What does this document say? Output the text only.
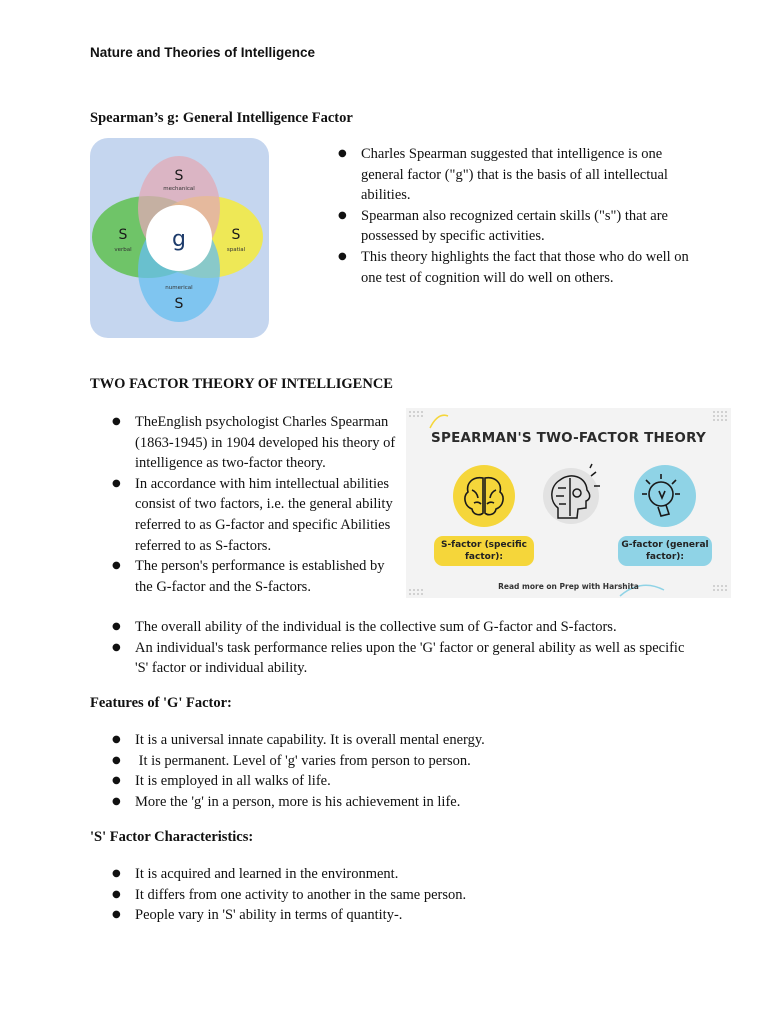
Nature and Theories of Intelligence

Spearman’s g: General Intelligence Factor
g
S
mechanical
S
verbal
S
spatial
numerical
S
● Charles Spearman suggested that intelligence is one general factor ("g") that is the basis of all intellectual abilities.
● Spearman also recognized certain skills ("s") that are possessed by specific activities.
● This theory highlights the fact that those who do well on one test of cognition will do well on others.
TWO FACTOR THEORY OF INTELLIGENCE
● TheEnglish psychologist Charles Spearman (1863-1945) in 1904 developed his theory of intelligence as two-factor theory.
● In accordance with him intellectual abilities consist of two factors, i.e. the general ability referred to as G-factor and specific Abilities referred to as S-factors.
● The person's performance is established by the G-factor and the S-factors.
SPEARMAN'S TWO-FACTOR THEORY
S-factor (specific factor):
G-factor (general factor):
Read more on Prep with Harshita
● The overall ability of the individual is the collective sum of G-factor and S-factors.
● An individual's task performance relies upon the 'G' factor or general ability as well as specific 'S' factor or individual ability.
Features of 'G' Factor:
● It is a universal innate capability. It is overall mental energy.
●  It is permanent. Level of 'g' varies from person to person.
● It is employed in all walks of life.
● More the 'g' in a person, more is his achievement in life.
'S' Factor Characteristics:
● It is acquired and learned in the environment.
● It differs from one activity to another in the same person.
● People vary in 'S' ability in terms of quantity-.
